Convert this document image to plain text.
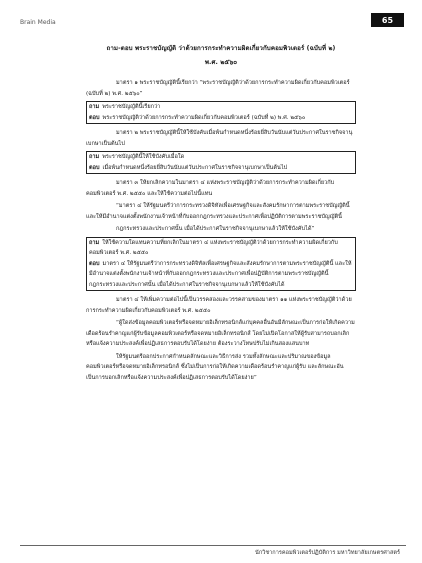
Brain Media	65
ถาม-ตอบ พระราชบัญญัติ ว่าด้วยการกระทำความผิดเกี่ยวกับคอมพิวเตอร์ (ฉบับที่ ๒)
พ.ศ. ๒๕๖๐

มาตรา ๑ พระราชบัญญัตินี้เรียกว่า “พระราชบัญญัติว่าด้วยการกระทำความผิดเกี่ยวกับคอมพิวเตอร์ (ฉบับที่ ๒) พ.ศ. ๒๕๖๐”

ถาม พระราชบัญญัตินี้เรียกว่า
ตอบ พระราชบัญญัติว่าด้วยการกระทำความผิดเกี่ยวกับคอมพิวเตอร์ (ฉบับที่ ๒) พ.ศ. ๒๕๖๐

มาตรา ๒ พระราชบัญญัตินี้ให้ใช้บังคับเมื่อพ้นกำหนดหนึ่งร้อยยี่สิบวันนับแต่วันประกาศในราชกิจจานุเบกษาเป็นต้นไป

ถาม พระราชบัญญัตินี้ให้ใช้บังคับเมื่อใด
ตอบ เมื่อพ้นกำหนดหนึ่งร้อยยี่สิบวันนับแต่วันประกาศในราชกิจจานุเบกษาเป็นต้นไป

มาตรา ๓ ให้ยกเลิกความในมาตรา ๔ แห่งพระราชบัญญัติว่าด้วยการกระทำความผิดเกี่ยวกับคอมพิวเตอร์ พ.ศ. ๒๕๕๐ และให้ใช้ความต่อไปนี้แทน

“มาตรา ๔ ให้รัฐมนตรีว่าการกระทรวงดิจิทัลเพื่อเศรษฐกิจและสังคมรักษาการตามพระราชบัญญัตินี้ และให้มีอำนาจแต่งตั้งพนักงานเจ้าหน้าที่กับออกกฎกระทรวงและประกาศเพื่อปฏิบัติการตามพระราชบัญญัตินี้

กฎกระทรวงและประกาศนั้น เมื่อได้ประกาศในราชกิจจานุเบกษาแล้วให้ใช้บังคับได้”

ถาม ให้ใช้ความใดแทนความที่ยกเลิกในมาตรา ๔ แห่งพระราชบัญญัติว่าด้วยการกระทำความผิดเกี่ยวกับคอมพิวเตอร์ พ.ศ. ๒๕๕๐
ตอบ มาตรา ๔ ให้รัฐมนตรีว่าการกระทรวงดิจิทัลเพื่อเศรษฐกิจและสังคมรักษาการตามพระราชบัญญัตินี้ และให้มีอำนาจแต่งตั้งพนักงานเจ้าหน้าที่กับออกกฎกระทรวงและประกาศเพื่อปฏิบัติการตามพระราชบัญญัตินี้
กฎกระทรวงและประกาศนั้น เมื่อได้ประกาศในราชกิจจานุเบกษาแล้วให้ใช้บังคับได้

มาตรา ๔ ให้เพิ่มความต่อไปนี้เป็นวรรคสองและวรรคสามของมาตรา ๑๑ แห่งพระราชบัญญัติว่าด้วยการกระทำความผิดเกี่ยวกับคอมพิวเตอร์ พ.ศ. ๒๕๕๐

“ผู้ใดส่งข้อมูลคอมพิวเตอร์หรือจดหมายอิเล็กทรอนิกส์แก่บุคคลอื่นอันมีลักษณะเป็นการก่อให้เกิดความเดือดร้อนรำคาญแก่ผู้รับข้อมูลคอมพิวเตอร์หรือจดหมายอิเล็กทรอนิกส์ โดยไม่เปิดโอกาสให้ผู้รับสามารถบอกเลิกหรือแจ้งความประสงค์เพื่อปฏิเสธการตอบรับได้โดยง่าย ต้องระวางโทษปรับไม่เกินสองแสนบาท

ให้รัฐมนตรีออกประกาศกำหนดลักษณะและวิธีการส่ง รวมทั้งลักษณะและปริมาณของข้อมูลคอมพิวเตอร์หรือจดหมายอิเล็กทรอนิกส์ ซึ่งไม่เป็นการก่อให้เกิดความเดือดร้อนรำคาญแก่ผู้รับ และลักษณะอันเป็นการบอกเลิกหรือแจ้งความประสงค์เพื่อปฏิเสธการตอบรับได้โดยง่าย”

นักวิชาการคอมพิวเตอร์ปฏิบัติการ มหาวิทยาลัยเกษตรศาสตร์
